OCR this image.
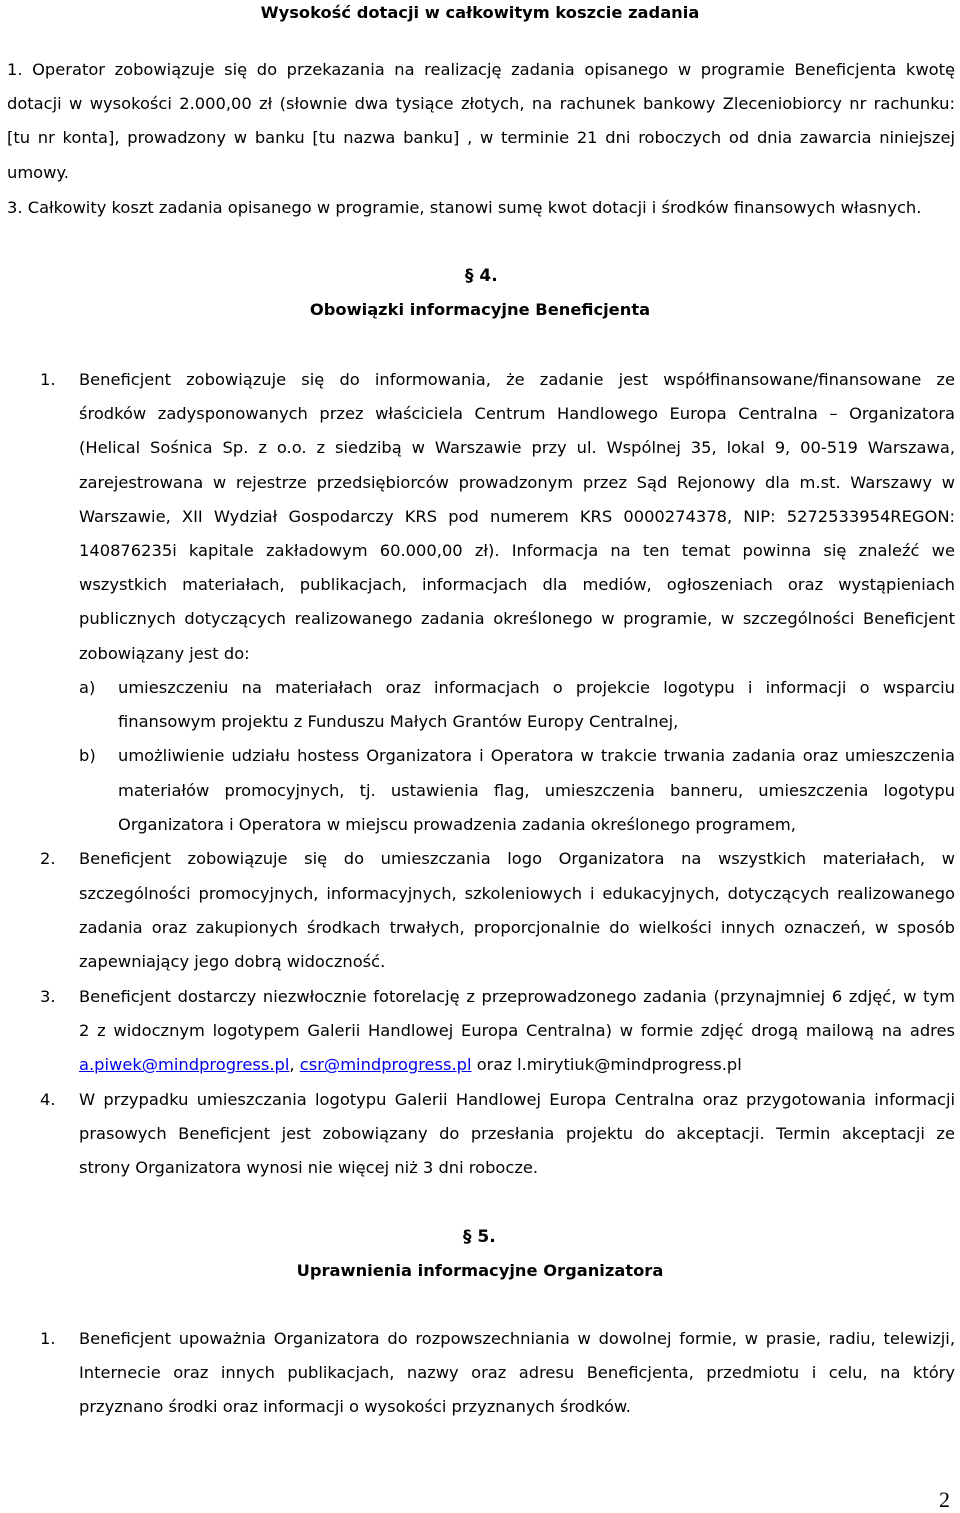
Wysokość dotacji w całkowitym koszcie zadania
1. Operator zobowiązuje się do przekazania na realizację zadania opisanego w programie Beneficjenta kwotę
dotacji w wysokości 2.000,00 zł (słownie dwa tysiące złotych, na rachunek bankowy Zleceniobiorcy nr rachunku:
[tu nr konta], prowadzony w banku [tu nazwa banku] , w terminie 21 dni roboczych od dnia zawarcia niniejszej
umowy.
3. Całkowity koszt zadania opisanego w programie, stanowi sumę kwot dotacji i środków finansowych własnych.
§ 4.
Obowiązki informacyjne Beneficjenta
1. Beneficjent zobowiązuje się do informowania, że zadanie jest współfinansowane/finansowane ze
środków zadysponowanych przez właściciela Centrum Handlowego Europa Centralna – Organizatora
(Helical Sośnica Sp. z o.o. z siedzibą w Warszawie przy ul. Wspólnej 35, lokal 9, 00-519 Warszawa,
zarejestrowana w rejestrze przedsiębiorców prowadzonym przez Sąd Rejonowy dla m.st. Warszawy w
Warszawie, XII Wydział Gospodarczy KRS pod numerem KRS 0000274378, NIP: 5272533954REGON:
140876235i kapitale zakładowym 60.000,00 zł). Informacja na ten temat powinna się znaleźć we
wszystkich materiałach, publikacjach, informacjach dla mediów, ogłoszeniach oraz wystąpieniach
publicznych dotyczących realizowanego zadania określonego w programie, w szczególności Beneficjent
zobowiązany jest do:
a) umieszczeniu na materiałach oraz informacjach o projekcie logotypu i informacji o wsparciu
finansowym projektu z Funduszu Małych Grantów Europy Centralnej,
b) umożliwienie udziału hostess Organizatora i Operatora w trakcie trwania zadania oraz umieszczenia
materiałów promocyjnych, tj. ustawienia flag, umieszczenia banneru, umieszczenia logotypu
Organizatora i Operatora w miejscu prowadzenia zadania określonego programem,
2. Beneficjent zobowiązuje się do umieszczania logo Organizatora na wszystkich materiałach, w
szczególności promocyjnych, informacyjnych, szkoleniowych i edukacyjnych, dotyczących realizowanego
zadania oraz zakupionych środkach trwałych, proporcjonalnie do wielkości innych oznaczeń, w sposób
zapewniający jego dobrą widoczność.
3. Beneficjent dostarczy niezwłocznie fotorelację z przeprowadzonego zadania (przynajmniej 6 zdjęć, w tym
2 z widocznym logotypem Galerii Handlowej Europa Centralna) w formie zdjęć drogą mailową na adres
a.piwek@mindprogress.pl, csr@mindprogress.pl oraz l.mirytiuk@mindprogress.pl
4. W przypadku umieszczania logotypu Galerii Handlowej Europa Centralna oraz przygotowania informacji
prasowych Beneficjent jest zobowiązany do przesłania projektu do akceptacji. Termin akceptacji ze
strony Organizatora wynosi nie więcej niż 3 dni robocze.
§ 5.
Uprawnienia informacyjne Organizatora
1. Beneficjent upoważnia Organizatora do rozpowszechniania w dowolnej formie, w prasie, radiu, telewizji,
Internecie oraz innych publikacjach, nazwy oraz adresu Beneficjenta, przedmiotu i celu, na który
przyznano środki oraz informacji o wysokości przyznanych środków.
2
